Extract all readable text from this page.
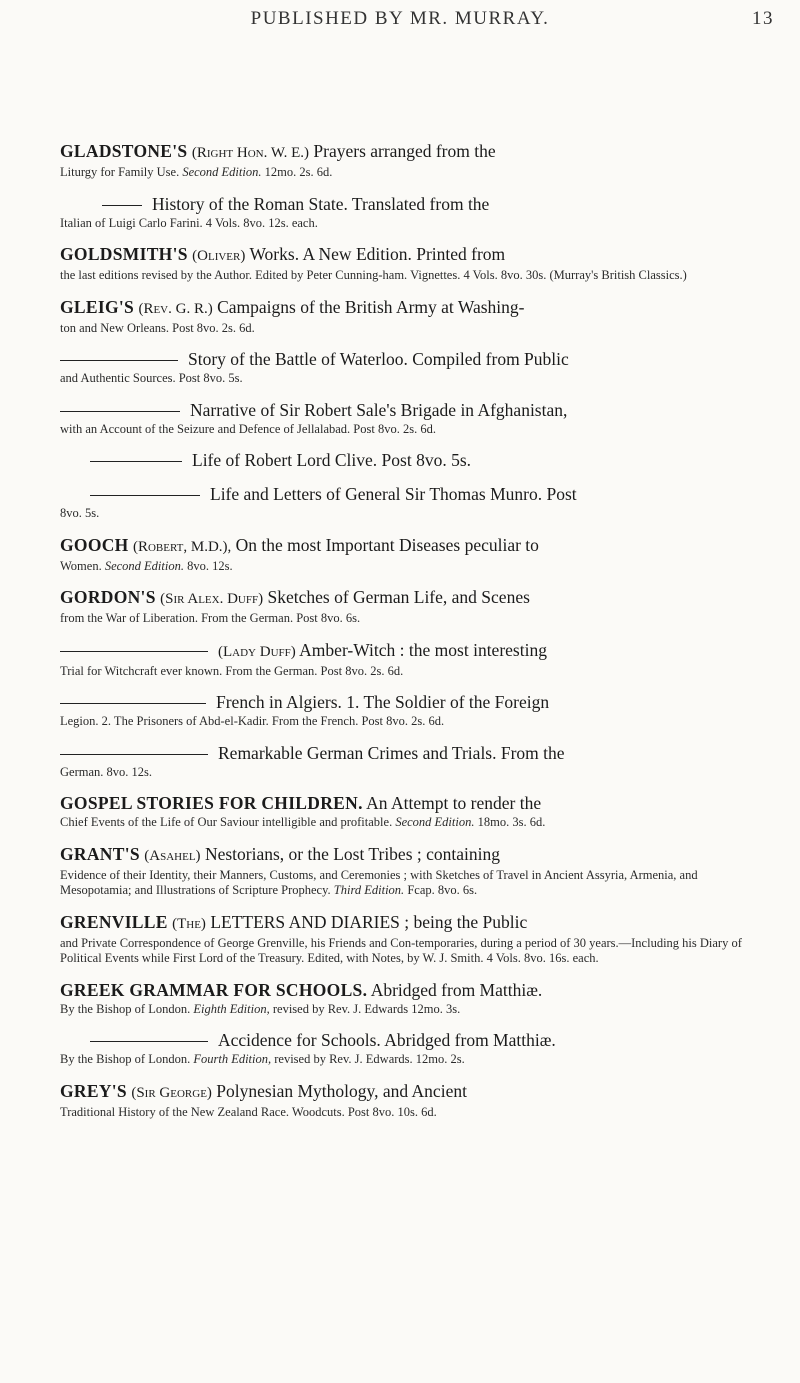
PUBLISHED BY MR. MURRAY.	13
GLADSTONE'S (Right Hon. W. E.) Prayers arranged from the
Liturgy for Family Use. Second Edition. 12mo. 2s. 6d.
History of the Roman State. Translated from the
Italian of Luigi Carlo Farini. 4 Vols. 8vo. 12s. each.
GOLDSMITH'S (Oliver) Works. A New Edition. Printed from
the last editions revised by the Author. Edited by Peter Cunning-ham. Vignettes. 4 Vols. 8vo. 30s. (Murray's British Classics.)
GLEIG'S (Rev. G. R.) Campaigns of the British Army at Washing-
ton and New Orleans. Post 8vo. 2s. 6d.
Story of the Battle of Waterloo. Compiled from Public
and Authentic Sources. Post 8vo. 5s.
Narrative of Sir Robert Sale's Brigade in Afghanistan,
with an Account of the Seizure and Defence of Jellalabad. Post 8vo. 2s. 6d.
Life of Robert Lord Clive. Post 8vo. 5s.
Life and Letters of General Sir Thomas Munro. Post
8vo. 5s.
GOOCH (Robert, M.D.), On the most Important Diseases peculiar to
Women. Second Edition. 8vo. 12s.
GORDON'S (Sir Alex. Duff) Sketches of German Life, and Scenes
from the War of Liberation. From the German. Post 8vo. 6s.
(Lady Duff) Amber-Witch : the most interesting
Trial for Witchcraft ever known. From the German. Post 8vo. 2s. 6d.
French in Algiers. 1. The Soldier of the Foreign
Legion. 2. The Prisoners of Abd-el-Kadir. From the French. Post 8vo. 2s. 6d.
Remarkable German Crimes and Trials. From the
German. 8vo. 12s.
GOSPEL STORIES FOR CHILDREN. An Attempt to render the
Chief Events of the Life of Our Saviour intelligible and profitable. Second Edition. 18mo. 3s. 6d.
GRANT'S (Asahel) Nestorians, or the Lost Tribes ; containing
Evidence of their Identity, their Manners, Customs, and Ceremonies ; with Sketches of Travel in Ancient Assyria, Armenia, and Mesopotamia; and Illustrations of Scripture Prophecy. Third Edition. Fcap. 8vo. 6s.
GRENVILLE (The) LETTERS AND DIARIES ; being the Public
and Private Correspondence of George Grenville, his Friends and Con-temporaries, during a period of 30 years.—Including his Diary of Political Events while First Lord of the Treasury. Edited, with Notes, by W. J. Smith. 4 Vols. 8vo. 16s. each.
GREEK GRAMMAR FOR SCHOOLS. Abridged from Matthiæ.
By the Bishop of London. Eighth Edition, revised by Rev. J. Edwards 12mo. 3s.
Accidence for Schools. Abridged from Matthiæ.
By the Bishop of London. Fourth Edition, revised by Rev. J. Edwards. 12mo. 2s.
GREY'S (Sir George) Polynesian Mythology, and Ancient
Traditional History of the New Zealand Race. Woodcuts. Post 8vo. 10s. 6d.
